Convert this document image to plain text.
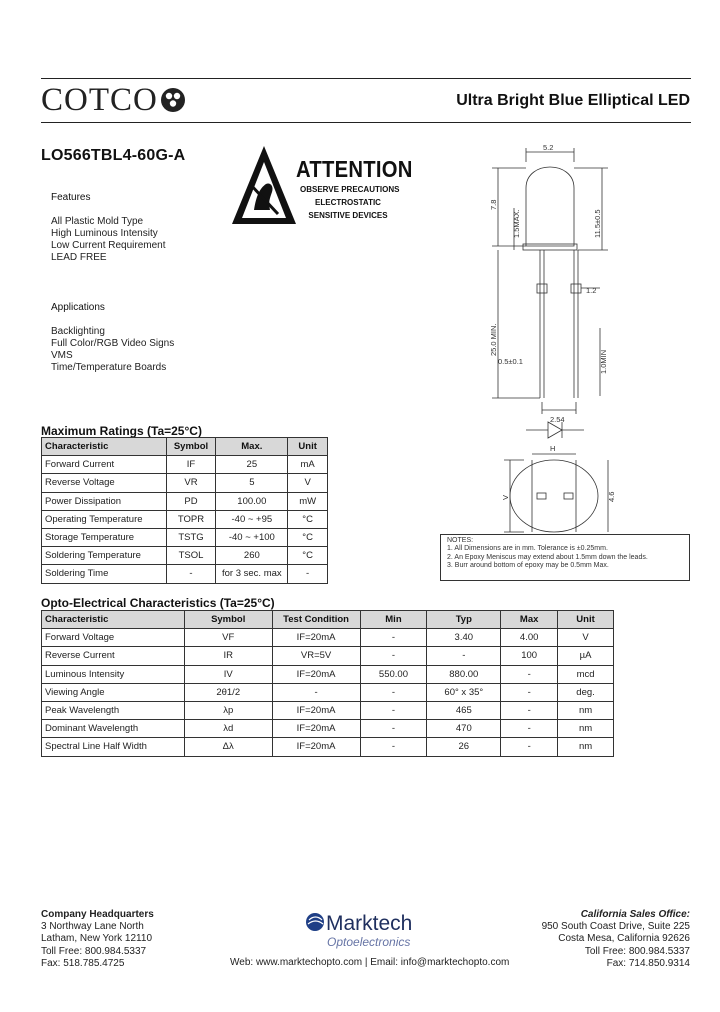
COTCO	Ultra Bright Blue Elliptical LED
LO566TBL4-60G-A
ATTENTION
OBSERVE PRECAUTIONS
ELECTROSTATIC
SENSITIVE DEVICES
Features
All Plastic Mold Type
High Luminous Intensity
Low Current Requirement
LEAD FREE
Applications
Backlighting
Full Color/RGB Video Signs
VMS
Time/Temperature Boards
Maximum Ratings (Ta=25°C)
Characteristic	Symbol	Max.	Unit
Forward Current	IF	25	mA
Reverse Voltage	VR	5	V
Power Dissipation	PD	100.00	mW
Operating Temperature	TOPR	-40 ~ +95	°C
Storage Temperature	TSTG	-40 ~ +100	°C
Soldering Temperature	TSOL	260	°C
Soldering Time	-	for 3 sec. max	-
Opto-Electrical Characteristics (Ta=25°C)
Characteristic	Symbol	Test Condition	Min	Typ	Max	Unit
Forward Voltage	VF	IF=20mA	-	3.40	4.00	V
Reverse Current	IR	VR=5V	-	-	100	µA
Luminous Intensity	IV	IF=20mA	550.00	880.00	-	mcd
Viewing Angle	2θ1/2	-	-	60° x 35°	-	deg.
Peak Wavelength	λp	IF=20mA	-	465	-	nm
Dominant Wavelength	λd	IF=20mA	-	470	-	nm
Spectral Line Half Width	Δλ	IF=20mA	-	26	-	nm
5.2
7.8
1.5MAX.	11.5±0.5
25.0 MIN.
0.5±0.1
1.2
1.0MIN
2.54
H
V	4.6
NOTES:
1. All Dimensions are in mm. Tolerance is ±0.25mm.
2. An Epoxy Meniscus may extend about 1.5mm down the leads.
3. Burr around bottom of epoxy may be 0.5mm Max.
Company Headquarters
3 Northway Lane North
Latham, New York 12110
Toll Free: 800.984.5337
Fax: 518.785.4725
Marktech
Optoelectronics
Web: www.marktechopto.com | Email: info@marktechopto.com
California Sales Office:
950 South Coast Drive, Suite 225
Costa Mesa, California 92626
Toll Free: 800.984.5337
Fax: 714.850.9314
